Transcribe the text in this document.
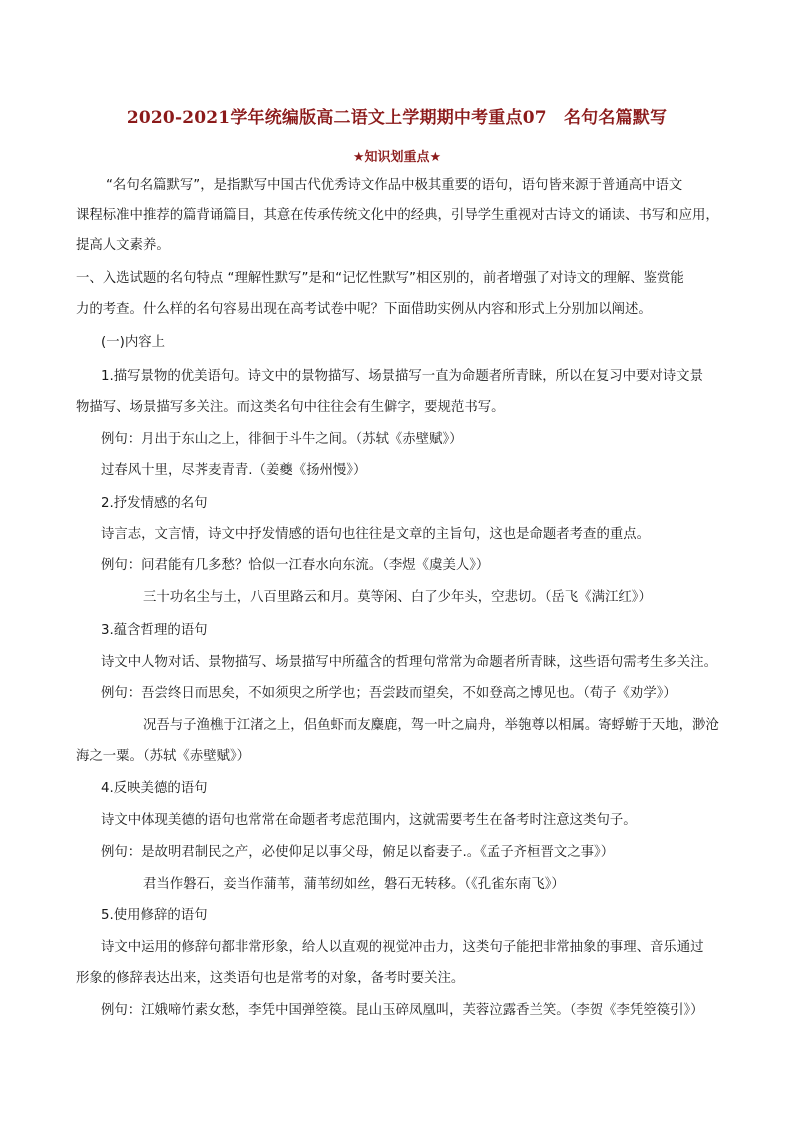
2020-2021学年统编版高二语文上学期期中考重点07　名句名篇默写
★知识划重点★
“名句名篇默写”，是指默写中国古代优秀诗文作品中极其重要的语句，语句皆来源于普通高中语文
课程标准中推荐的篇背诵篇目，其意在传承传统文化中的经典，引导学生重视对古诗文的诵读、书写和应用，
提高人文素养。
一、入选试题的名句特点 “理解性默写”是和“记忆性默写”相区别的，前者增强了对诗文的理解、鉴赏能
力的考查。什么样的名句容易出现在高考试卷中呢？下面借助实例从内容和形式上分别加以阐述。
(一)内容上
1.描写景物的优美语句。诗文中的景物描写、场景描写一直为命题者所青睐，所以在复习中要对诗文景
物描写、场景描写多关注。而这类名句中往往会有生僻字，要规范书写。
例句：月出于东山之上，徘徊于斗牛之间。（苏轼《赤壁赋》）
过春风十里，尽荠麦青青.（姜夔《扬州慢》）
2.抒发情感的名句
诗言志，文言情，诗文中抒发情感的语句也往往是文章的主旨句，这也是命题者考查的重点。
例句：问君能有几多愁？恰似一江春水向东流。（李煜《虞美人》）
三十功名尘与土，八百里路云和月。莫等闲、白了少年头，空悲切。（岳飞《满江红》）
3.蕴含哲理的语句
诗文中人物对话、景物描写、场景描写中所蕴含的哲理句常常为命题者所青睐，这些语句需考生多关注。
例句：吾尝终日而思矣，不如须臾之所学也；吾尝跂而望矣，不如登高之博见也。（荀子《劝学》）
况吾与子渔樵于江渚之上，侣鱼虾而友麋鹿，驾一叶之扁舟，举匏尊以相属。寄蜉蝣于天地，渺沧
海之一粟。（苏轼《赤壁赋》）
4.反映美德的语句
诗文中体现美德的语句也常常在命题者考虑范围内，这就需要考生在备考时注意这类句子。
例句：是故明君制民之产，必使仰足以事父母，俯足以畜妻子.。《孟子齐桓晋文之事》）
君当作磐石，妾当作蒲苇，蒲苇纫如丝，磐石无转移。（《孔雀东南飞》）
5.使用修辞的语句
诗文中运用的修辞句都非常形象，给人以直观的视觉冲击力，这类句子能把非常抽象的事理、音乐通过
形象的修辞表达出来，这类语句也是常考的对象，备考时要关注。
例句：江娥啼竹素女愁，李凭中国弹箜篌。昆山玉碎凤凰叫，芙蓉泣露香兰笑。（李贺《李凭箜篌引》）
